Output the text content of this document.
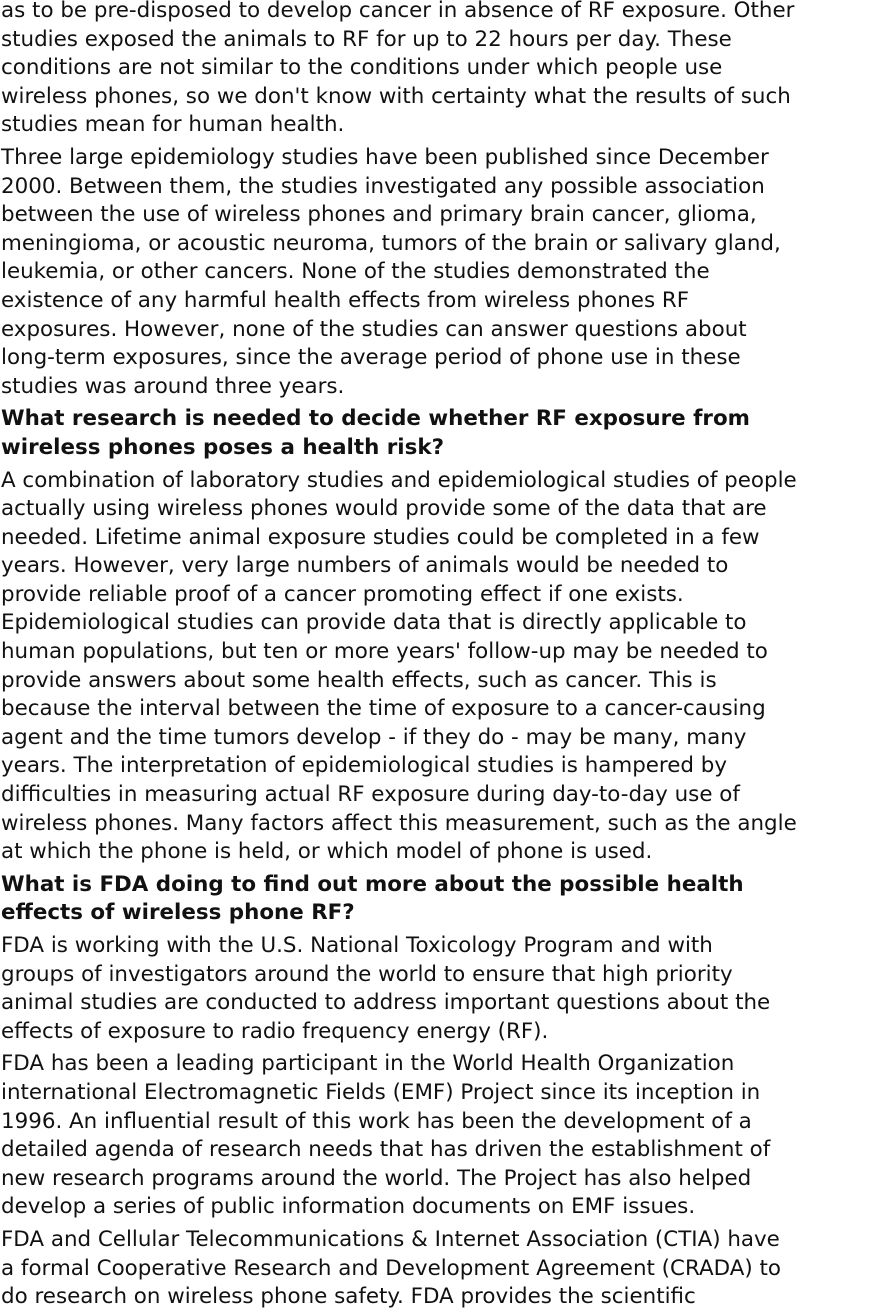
as to be pre-disposed to develop cancer in absence of RF exposure. Other
studies exposed the animals to RF for up to 22 hours per day. These
conditions are not similar to the conditions under which people use
wireless phones, so we don't know with certainty what the results of such
studies mean for human health.

Three large epidemiology studies have been published since December
2000. Between them, the studies investigated any possible association
between the use of wireless phones and primary brain cancer, glioma,
meningioma, or acoustic neuroma, tumors of the brain or salivary gland,
leukemia, or other cancers. None of the studies demonstrated the
existence of any harmful health effects from wireless phones RF
exposures. However, none of the studies can answer questions about
long-term exposures, since the average period of phone use in these
studies was around three years.

What research is needed to decide whether RF exposure from
wireless phones poses a health risk?

A combination of laboratory studies and epidemiological studies of people
actually using wireless phones would provide some of the data that are
needed. Lifetime animal exposure studies could be completed in a few
years. However, very large numbers of animals would be needed to
provide reliable proof of a cancer promoting effect if one exists.
Epidemiological studies can provide data that is directly applicable to
human populations, but ten or more years' follow-up may be needed to
provide answers about some health effects, such as cancer. This is
because the interval between the time of exposure to a cancer-causing
agent and the time tumors develop - if they do - may be many, many
years. The interpretation of epidemiological studies is hampered by
difficulties in measuring actual RF exposure during day-to-day use of
wireless phones. Many factors affect this measurement, such as the angle
at which the phone is held, or which model of phone is used.

What is FDA doing to find out more about the possible health
effects of wireless phone RF?

FDA is working with the U.S. National Toxicology Program and with
groups of investigators around the world to ensure that high priority
animal studies are conducted to address important questions about the
effects of exposure to radio frequency energy (RF).

FDA has been a leading participant in the World Health Organization
international Electromagnetic Fields (EMF) Project since its inception in
1996. An influential result of this work has been the development of a
detailed agenda of research needs that has driven the establishment of
new research programs around the world. The Project has also helped
develop a series of public information documents on EMF issues.

FDA and Cellular Telecommunications & Internet Association (CTIA) have
a formal Cooperative Research and Development Agreement (CRADA) to
do research on wireless phone safety. FDA provides the scientific
